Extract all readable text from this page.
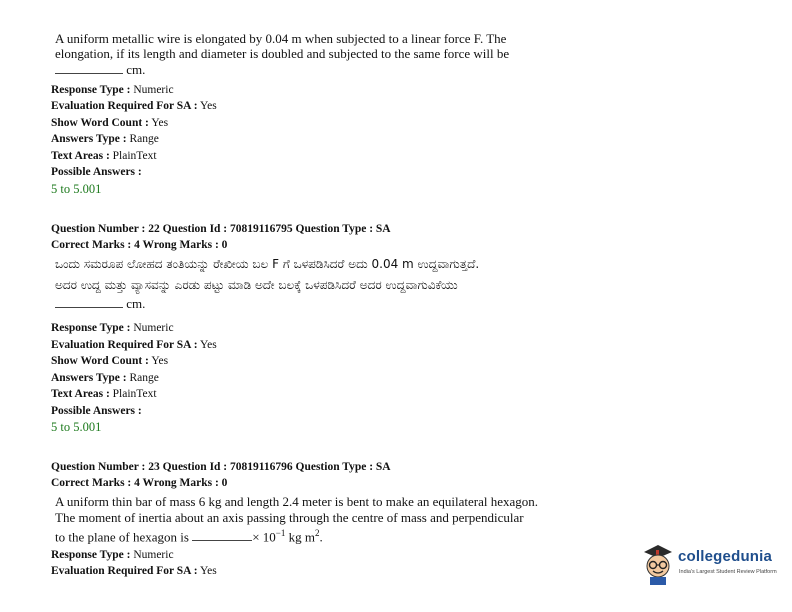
A uniform metallic wire is elongated by 0.04 m when subjected to a linear force F. The
elongation, if its length and diameter is doubled and subjected to the same force will be
cm.
Response Type : Numeric
Evaluation Required For SA : Yes
Show Word Count : Yes
Answers Type : Range
Text Areas : PlainText
Possible Answers :
5 to 5.001
Question Number : 22 Question Id : 70819116795 Question Type : SA
Correct Marks : 4 Wrong Marks : 0
ಒಂದು ಸಮರೂಪ ಲೋಹದ ತಂತಿಯನ್ನು ರೇಖೀಯ ಬಲ F ಗೆ ಒಳಪಡಿಸಿದರೆ ಅದು 0.04 m ಉದ್ದವಾಗುತ್ತದೆ.
ಅದರ ಉದ್ದ ಮತ್ತು ವ್ಯಾಸವನ್ನು ಎರಡು ಪಟ್ಟು ಮಾಡಿ ಅದೇ ಬಲಕ್ಕೆ ಒಳಪಡಿಸಿದರೆ ಅದರ ಉದ್ದವಾಗುವಿಕೆಯು
cm.
Response Type : Numeric
Evaluation Required For SA : Yes
Show Word Count : Yes
Answers Type : Range
Text Areas : PlainText
Possible Answers :
5 to 5.001
Question Number : 23 Question Id : 70819116796 Question Type : SA
Correct Marks : 4 Wrong Marks : 0
A uniform thin bar of mass 6 kg and length 2.4 meter is bent to make an equilateral hexagon.
The moment of inertia about an axis passing through the centre of mass and perpendicular
to the plane of hexagon is	× $10^{-1}$ kg $m^2$.
Response Type : Numeric
Evaluation Required For SA : Yes
collegedunia
India's Largest Student Review Platform
